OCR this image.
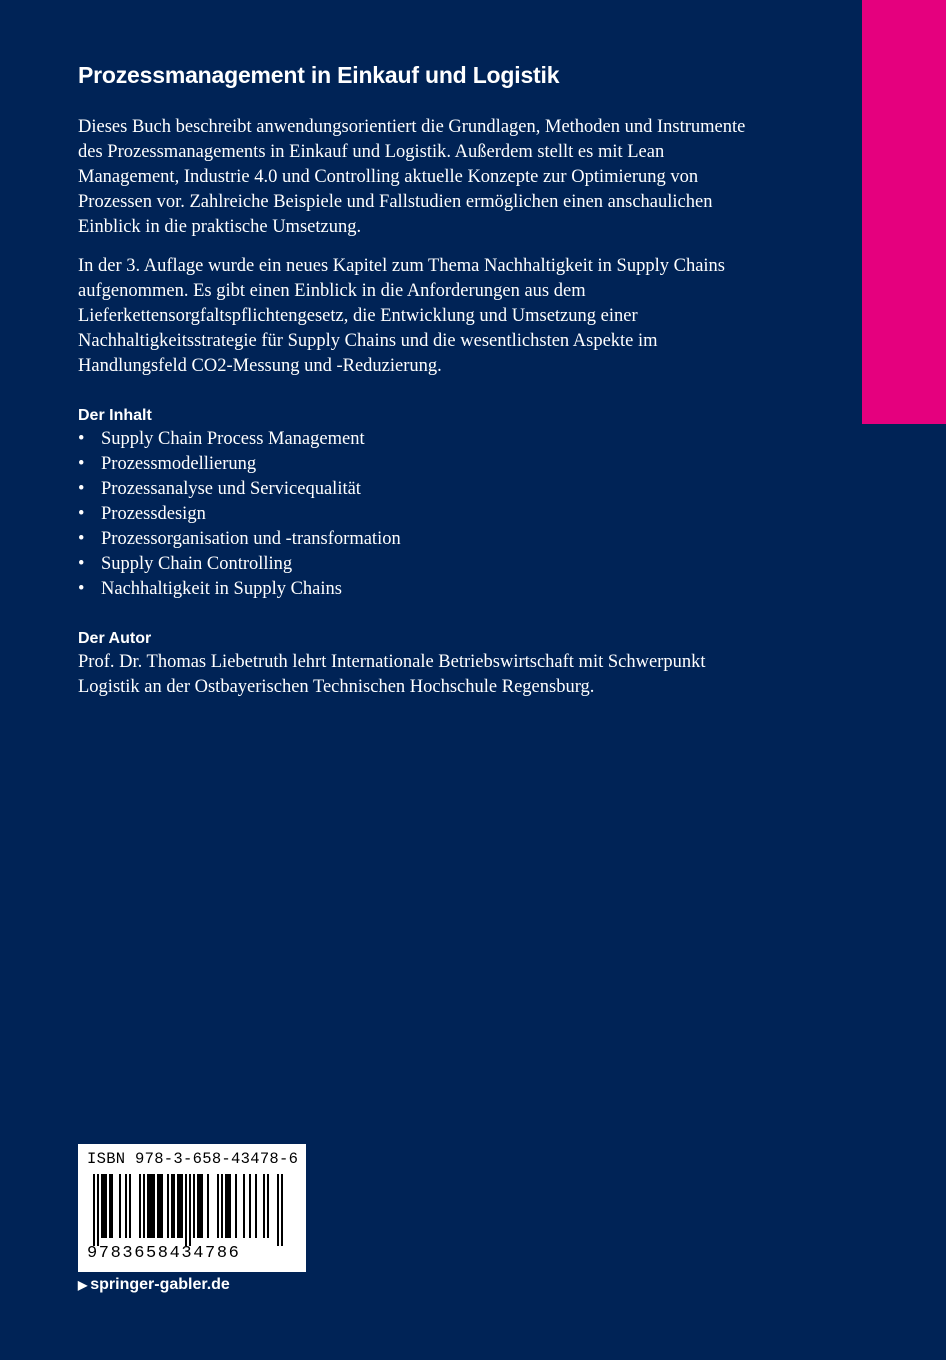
Prozessmanagement in Einkauf und Logistik

Dieses Buch beschreibt anwendungsorientiert die Grundlagen, Methoden und Instrumente des Prozessmanagements in Einkauf und Logistik. Außerdem stellt es mit Lean Management, Industrie 4.0 und Controlling aktuelle Konzepte zur Optimierung von Prozessen vor. Zahlreiche Beispiele und Fallstudien ermöglichen einen anschaulichen Einblick in die praktische Umsetzung.

In der 3. Auflage wurde ein neues Kapitel zum Thema Nachhaltigkeit in Supply Chains aufgenommen. Es gibt einen Einblick in die Anforderungen aus dem Lieferkettensorgfaltspflichtengesetz, die Entwicklung und Umsetzung einer Nachhaltigkeitsstrategie für Supply Chains und die wesentlichsten Aspekte im Handlungsfeld CO2-Messung und -Reduzierung.

Der Inhalt
• Supply Chain Process Management
• Prozessmodellierung
• Prozessanalyse und Servicequalität
• Prozessdesign
• Prozessorganisation und -transformation
• Supply Chain Controlling
• Nachhaltigkeit in Supply Chains
Der Autor

Prof. Dr. Thomas Liebetruth lehrt Internationale Betriebswirtschaft mit Schwerpunkt Logistik an der Ostbayerischen Technischen Hochschule Regensburg.

ISBN 978-3-658-43478-6
9783658434786
▶ springer-gabler.de
